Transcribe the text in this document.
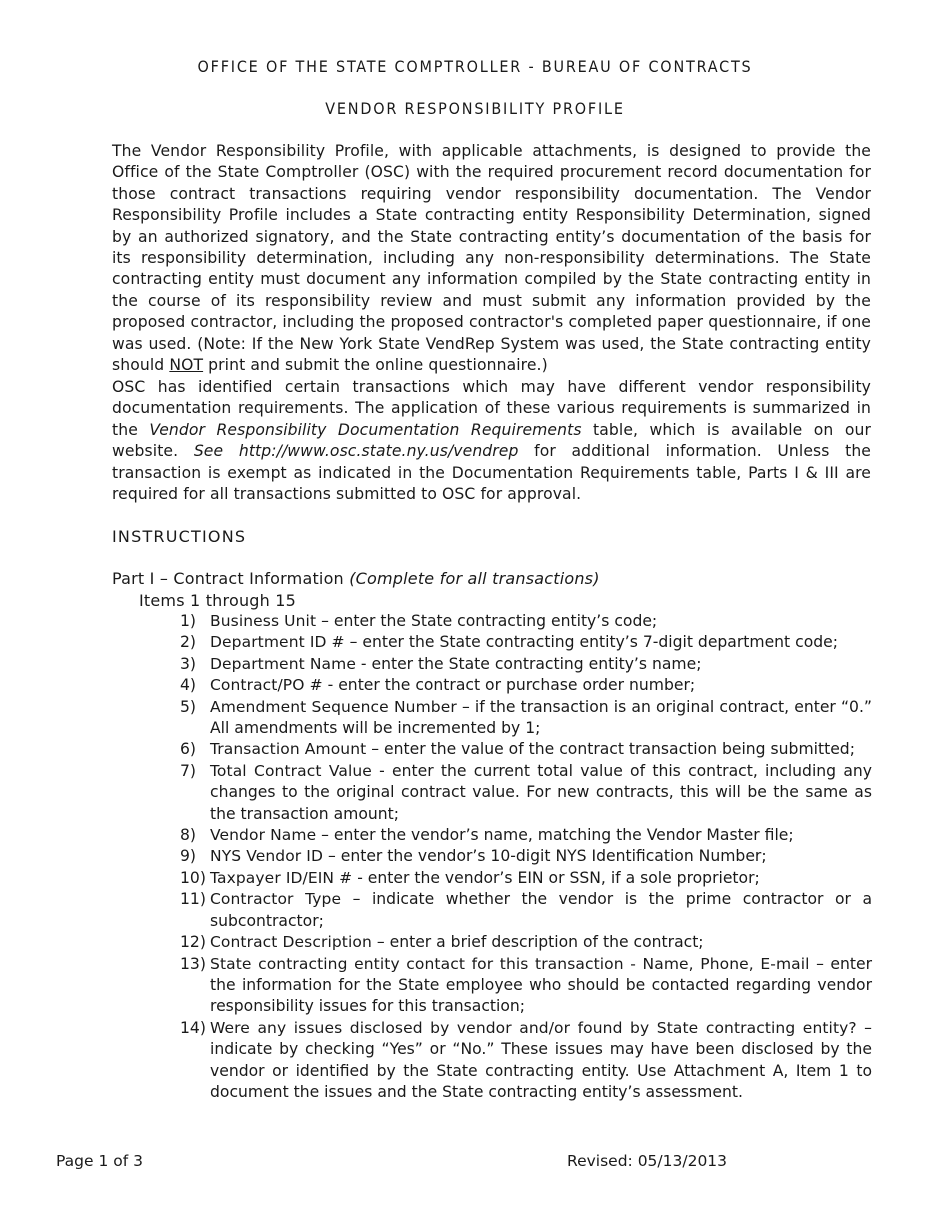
OFFICE OF THE STATE COMPTROLLER - BUREAU OF CONTRACTS
VENDOR RESPONSIBILITY PROFILE
The Vendor Responsibility Profile, with applicable attachments, is designed to provide the Office of the State Comptroller (OSC) with the required procurement record documentation for those contract transactions requiring vendor responsibility documentation. The Vendor Responsibility Profile includes a State contracting entity Responsibility Determination, signed by an authorized signatory, and the State contracting entity’s documentation of the basis for its responsibility determination, including any non-responsibility determinations. The State contracting entity must document any information compiled by the State contracting entity in the course of its responsibility review and must submit any information provided by the proposed contractor, including the proposed contractor's completed paper questionnaire, if one was used. (Note: If the New York State VendRep System was used, the State contracting entity should NOT print and submit the online questionnaire.)
OSC has identified certain transactions which may have different vendor responsibility documentation requirements. The application of these various requirements is summarized in the Vendor Responsibility Documentation Requirements table, which is available on our website. See http://www.osc.state.ny.us/vendrep for additional information. Unless the transaction is exempt as indicated in the Documentation Requirements table, Parts I & III are required for all transactions submitted to OSC for approval.
INSTRUCTIONS
Part I – Contract Information (Complete for all transactions)
Items 1 through 15
1) Business Unit – enter the State contracting entity’s code;
2) Department ID # – enter the State contracting entity’s 7-digit department code;
3) Department Name - enter the State contracting entity’s name;
4) Contract/PO # - enter the contract or purchase order number;
5) Amendment Sequence Number – if the transaction is an original contract, enter “0.” All amendments will be incremented by 1;
6) Transaction Amount – enter the value of the contract transaction being submitted;
7) Total Contract Value - enter the current total value of this contract, including any changes to the original contract value. For new contracts, this will be the same as the transaction amount;
8) Vendor Name – enter the vendor’s name, matching the Vendor Master file;
9) NYS Vendor ID – enter the vendor’s 10-digit NYS Identification Number;
10) Taxpayer ID/EIN # - enter the vendor’s EIN or SSN, if a sole proprietor;
11) Contractor Type – indicate whether the vendor is the prime contractor or a subcontractor;
12) Contract Description – enter a brief description of the contract;
13) State contracting entity contact for this transaction - Name, Phone, E-mail – enter the information for the State employee who should be contacted regarding vendor responsibility issues for this transaction;
14) Were any issues disclosed by vendor and/or found by State contracting entity? – indicate by checking “Yes” or “No.” These issues may have been disclosed by the vendor or identified by the State contracting entity. Use Attachment A, Item 1 to document the issues and the State contracting entity’s assessment.
Page 1 of 3	Revised: 05/13/2013
